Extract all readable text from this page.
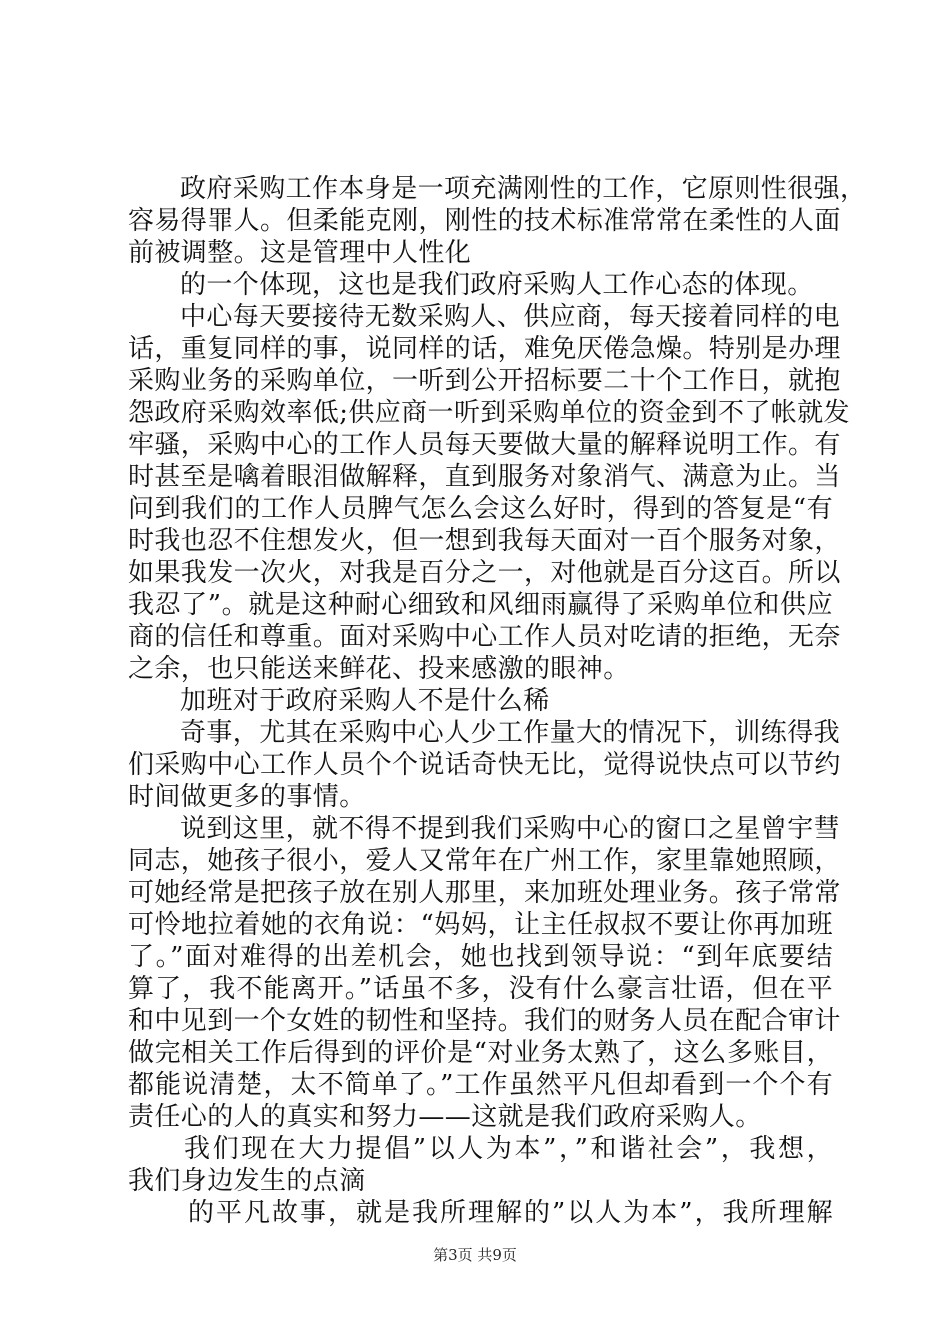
政府采购工作本身是一项充满刚性的工作，它原则性很强，
容易得罪人。但柔能克刚，刚性的技术标准常常在柔性的人面
前被调整。这是管理中人性化
的一个体现，这也是我们政府采购人工作心态的体现。
中心每天要接待无数采购人、供应商，每天接着同样的电
话，重复同样的事，说同样的话，难免厌倦急燥。特别是办理
采购业务的采购单位，一听到公开招标要二十个工作日，就抱
怨政府采购效率低;供应商一听到采购单位的资金到不了帐就发
牢骚，采购中心的工作人员每天要做大量的解释说明工作。有
时甚至是噙着眼泪做解释，直到服务对象消气、满意为止。当
问到我们的工作人员脾气怎么会这么好时，得到的答复是“有
时我也忍不住想发火，但一想到我每天面对一百个服务对象，
如果我发一次火，对我是百分之一，对他就是百分这百。所以
我忍了”。就是这种耐心细致和风细雨赢得了采购单位和供应
商的信任和尊重。面对采购中心工作人员对吃请的拒绝，无奈
之余，也只能送来鲜花、投来感激的眼神。
加班对于政府采购人不是什么稀
奇事，尤其在采购中心人少工作量大的情况下，训练得我
们采购中心工作人员个个说话奇快无比，觉得说快点可以节约
时间做更多的事情。
说到这里，就不得不提到我们采购中心的窗口之星曾宇彗
同志，她孩子很小，爱人又常年在广州工作，家里靠她照顾，
可她经常是把孩子放在别人那里，来加班处理业务。孩子常常
可怜地拉着她的衣角说：“妈妈，让主任叔叔不要让你再加班
了。”面对难得的出差机会，她也找到领导说：“到年底要结
算了，我不能离开。”话虽不多，没有什么豪言壮语，但在平
和中见到一个女姓的韧性和坚持。我们的财务人员在配合审计
做完相关工作后得到的评价是“对业务太熟了，这么多账目，
都能说清楚，太不简单了。”工作虽然平凡但却看到一个个有
责任心的人的真实和努力——这就是我们政府采购人。
我们现在大力提倡”以人为本”，”和谐社会”，我想，
我们身边发生的点滴
的平凡故事，就是我所理解的”以人为本”，我所理解
第3页 共9页
